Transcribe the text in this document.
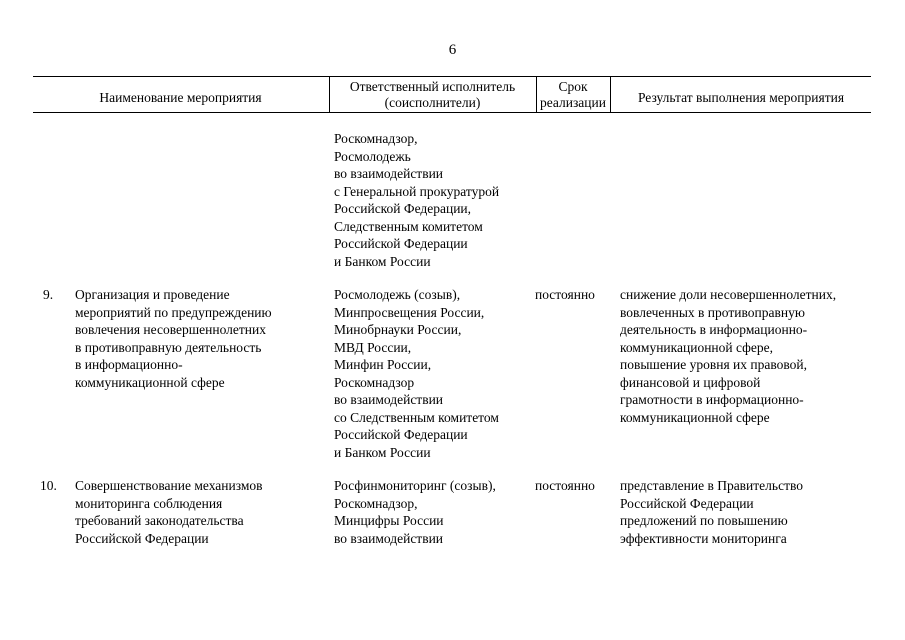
6
Наименование мероприятия
Ответственный исполнитель
(соисполнители)
Срок
реализации	Результат выполнения мероприятия
Роскомнадзор,
Росмолодежь
во взаимодействии
с Генеральной прокуратурой
Российской Федерации,
Следственным комитетом
Российской Федерации
и Банком России
9. Организация и проведение
мероприятий по предупреждению
вовлечения несовершеннолетних
в противоправную деятельность
в информационно-
коммуникационной сфере
Росмолодежь (созыв),
Минпросвещения России,
Минобрнауки России,
МВД России,
Минфин России,
Роскомнадзор
во взаимодействии
со Следственным комитетом
Российской Федерации
и Банком России
постоянно снижение доли несовершеннолетних,
вовлеченных в противоправную
деятельность в информационно-
коммуникационной сфере,
повышение уровня их правовой,
финансовой и цифровой
грамотности в информационно-
коммуникационной сфере
10. Совершенствование механизмов
мониторинга соблюдения
требований законодательства
Российской Федерации
Росфинмониторинг (созыв),
Роскомнадзор,
Минцифры России
во взаимодействии
постоянно представление в Правительство
Российской Федерации
предложений по повышению
эффективности мониторинга
